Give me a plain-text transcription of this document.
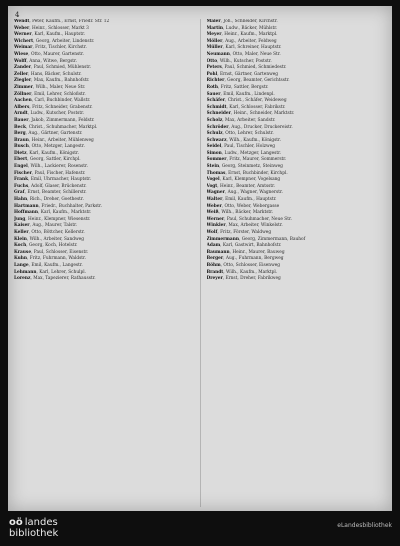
4
Wendt, Peter, Kaufm., Ernst, Friedr. Str. 12
Weber, Heinr., Schlosser, Markt 3
Werner, Karl, Kaufm., Hauptstr.
Wichert, Georg, Arbeiter, Lindenstr.
Weimar, Fritz, Tischler, Kirchstr.
Wiese, Otto, Maurer, Gartenstr.
Wolff, Anna, Witwe, Bergstr.
Zander, Paul, Schmied, Mühlenstr.
Zeller, Hans, Bäcker, Schulstr.
Ziegler, Max, Kaufm., Bahnhofstr.
Zimmer, Wilh., Maler, Neue Str.
Zöllner, Emil, Lehrer, Schloßstr.
Aachen, Carl, Buchbinder, Wallstr.
Albers, Fritz, Schneider, Grabenstr.
Arndt, Ludw., Kutscher, Poststr.
Bauer, Jakob, Zimmermann, Feldstr.
Beck, Christ., Schuhmacher, Marktpl.
Berg, Aug., Gärtner, Gartenstr.
Braun, Heinr., Arbeiter, Mühlenweg
Busch, Otto, Metzger, Langestr.
Dietz, Karl, Kaufm., Königstr.
Ebert, Georg, Sattler, Kirchpl.
Engel, Wilh., Lackierer, Rosenstr.
Fischer, Paul, Fischer, Hafenstr.
Frank, Emil, Uhrmacher, Hauptstr.
Fuchs, Adolf, Glaser, Brückenstr.
Graf, Ernst, Beamter, Schillerstr.
Hahn, Rich., Dreher, Goethestr.
Hartmann, Friedr., Buchhalter, Parkstr.
Hoffmann, Karl, Kaufm., Marktstr.
Jung, Heinr., Klempner, Wiesenstr.
Kaiser, Aug., Maurer, Talstr.
Keller, Otto, Böttcher, Kellerstr.
Klein, Wilh., Arbeiter, Sandweg
Koch, Georg, Koch, Hotelstr.
Krause, Paul, Schlosser, Eisenstr.
Kuhn, Fritz, Fuhrmann, Waldstr.
Lange, Emil, Kaufm., Langestr.
Lehmann, Karl, Lehrer, Schulpl.
Lorenz, Max, Tapezierer, Rathausstr.
Maier, Joh., Schneider, Kirchstr.
Martin, Ludw., Bäcker, Mühlstr.
Meyer, Heinr., Kaufm., Marktpl.
Möller, Aug., Arbeiter, Feldweg
Müller, Karl, Schreiner, Hauptstr.
Neumann, Otto, Maler, Neue Str.
Otto, Wilh., Kutscher, Poststr.
Peters, Paul, Schmied, Schmiedestr.
Pohl, Ernst, Gärtner, Gartenweg
Richter, Georg, Beamter, Gerichtsstr.
Roth, Fritz, Sattler, Bergstr.
Sauer, Emil, Kaufm., Lindenpl.
Schäfer, Christ., Schäfer, Weideweg
Schmidt, Karl, Schlosser, Fabrikstr.
Schneider, Heinr., Schneider, Marktstr.
Scholz, Max, Arbeiter, Sandstr.
Schröder, Aug., Drucker, Druckereistr.
Schulz, Otto, Lehrer, Schulstr.
Schwarz, Wilh., Kaufm., Königstr.
Seidel, Paul, Tischler, Holzweg
Simon, Ludw., Metzger, Langestr.
Sommer, Fritz, Maurer, Sommerstr.
Stein, Georg, Steinmetz, Steinweg
Thomas, Ernst, Buchbinder, Kirchpl.
Vogel, Karl, Klempner, Vogelsang
Vogt, Heinr., Beamter, Amtsstr.
Wagner, Aug., Wagner, Wagnerstr.
Walter, Emil, Kaufm., Hauptstr.
Weber, Otto, Weber, Webergasse
Weiß, Wilh., Bäcker, Marktstr.
Werner, Paul, Schuhmacher, Neue Str.
Winkler, Max, Arbeiter, Winkelstr.
Wolf, Fritz, Förster, Waldweg
Zimmermann, Georg, Zimmermann, Bauhof
Adam, Karl, Gastwirt, Bahnhofstr.
Baumann, Heinr., Maurer, Bauweg
Berger, Aug., Fuhrmann, Bergweg
Böhm, Otto, Schlosser, Eisenweg
Brandt, Wilh., Kaufm., Marktpl.
Dreyer, Ernst, Dreher, Fabrikweg
oö landes
bibliothek
eLandesbibliothek
